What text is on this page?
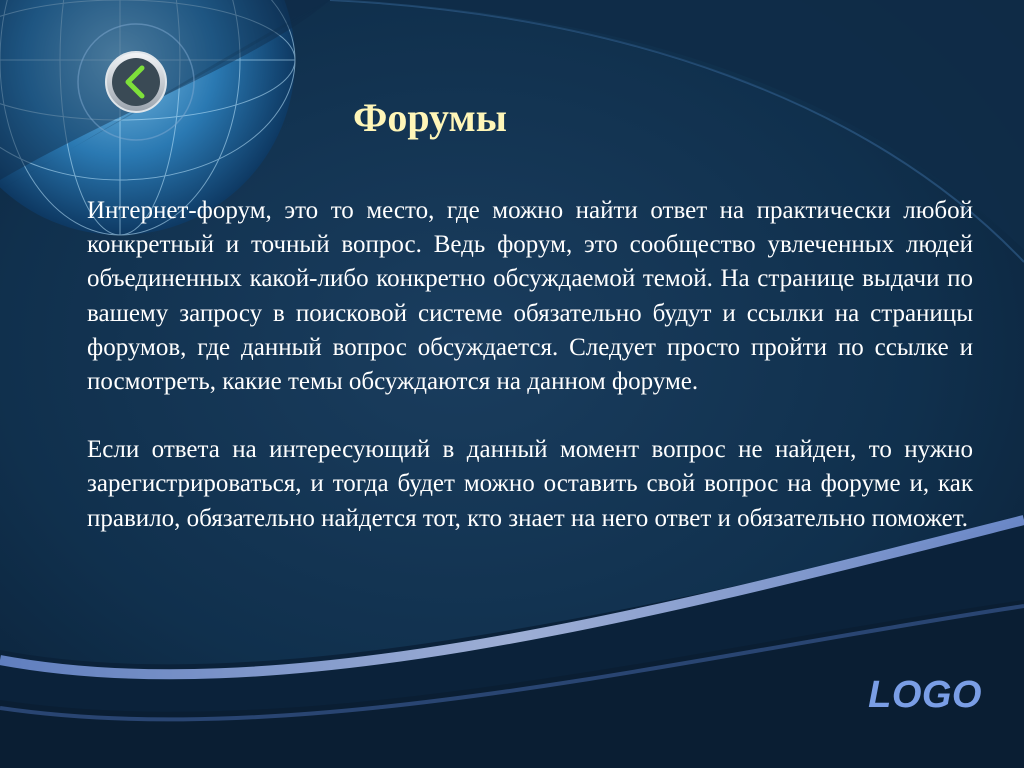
Форумы

Интернет-форум, это то место, где можно найти ответ на практически любой конкретный и точный вопрос. Ведь форум, это сообщество увлеченных людей объединенных какой-либо конкретно обсуждаемой темой. На странице выдачи по вашему запросу в поисковой системе обязательно будут и ссылки на страницы форумов, где данный вопрос обсуждается. Следует просто пройти по ссылке и посмотреть, какие темы обсуждаются на данном форуме.

Если ответа на интересующий в данный момент вопрос не найден, то нужно зарегистрироваться, и тогда будет можно оставить свой вопрос на форуме и, как правило, обязательно найдется тот, кто знает на него ответ и обязательно поможет.

LOGO
